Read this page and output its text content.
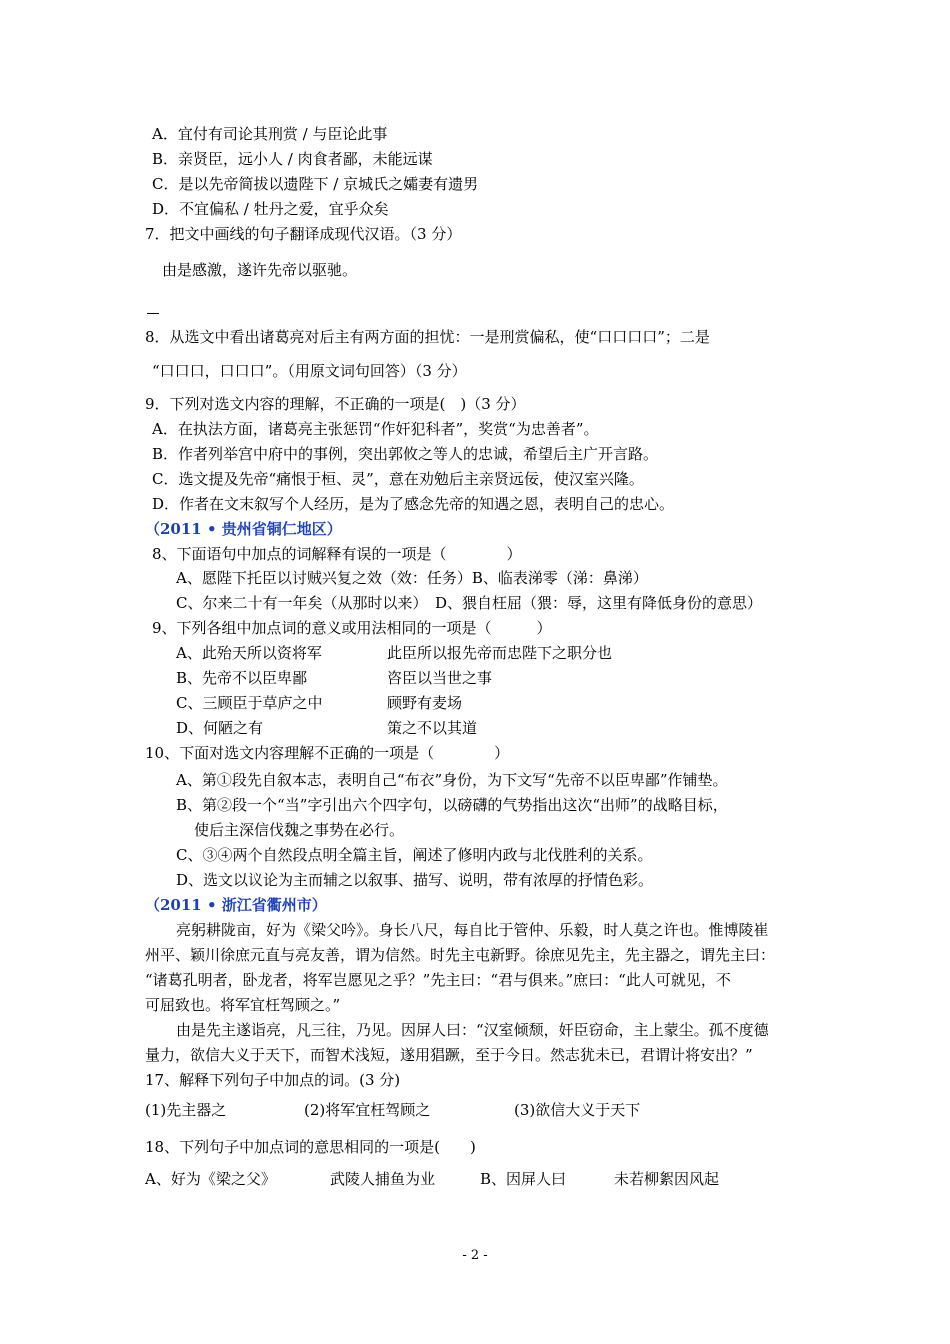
A．宜付有司论其刑赏 / 与臣论此事
B．亲贤臣，远小人 / 肉食者鄙，未能远谋
C．是以先帝简拔以遗陛下 / 京城氏之孀妻有遗男
D．不宜偏私 / 牡丹之爱，宜乎众矣
7．把文中画线的句子翻译成现代汉语。（3 分）
由是感激，遂许先帝以驱驰。
8．从选文中看出诸葛亮对后主有两方面的担忧：一是刑赏偏私，使“口口口口”；二是
“口口口，口口口”。（用原文词句回答）（3 分）
9．下列对选文内容的理解，不正确的一项是(　)（3 分）
A．在执法方面，诸葛亮主张惩罚“作奸犯科者”，奖赏“为忠善者”。
B．作者列举宫中府中的事例，突出郭攸之等人的忠诚，希望后主广开言路。
C．选文提及先帝“痛恨于桓、灵”，意在劝勉后主亲贤远佞，使汉室兴隆。
D．作者在文末叙写个人经历，是为了感念先帝的知遇之恩，表明自己的忠心。
（2011 • 贵州省铜仁地区）
8、下面语句中加点的词解释有误的一项是（　　　　）
A、愿陛下托臣以讨贼兴复之效（效：任务）B、临表涕零（涕：鼻涕）
C、尔来二十有一年矣（从那时以来）　D、猥自枉屈（猥：辱，这里有降低身份的意思）
9、下列各组中加点词的意义或用法相同的一项是（　　　）
A、此殆天所以资将军	此臣所以报先帝而忠陛下之职分也
B、先帝不以臣卑鄙	咨臣以当世之事
C、三顾臣于草庐之中	顾野有麦场
D、何陋之有	策之不以其道
10、下面对选文内容理解不正确的一项是（　　　　）
A、第①段先自叙本志，表明自己“布衣”身份，为下文写“先帝不以臣卑鄙”作铺垫。
B、第②段一个“当”字引出六个四字句，以磅礴的气势指出这次“出师”的战略目标，
使后主深信伐魏之事势在必行。
C、③④两个自然段点明全篇主旨，阐述了修明内政与北伐胜利的关系。
D、选文以议论为主而辅之以叙事、描写、说明，带有浓厚的抒情色彩。
（2011 • 浙江省衢州市）
亮躬耕陇亩，好为《梁父吟》。身长八尺，每自比于管仲、乐毅，时人莫之许也。惟博陵崔
州平、颖川徐庶元直与亮友善，谓为信然。时先主屯新野。徐庶见先主，先主器之，谓先主曰：
“诸葛孔明者，卧龙者，将军岂愿见之乎？”先主曰：“君与俱来。”庶曰：“此人可就见，不
可屈致也。将军宜枉驾顾之。”
由是先主遂诣亮，凡三往，乃见。因屏人曰：“汉室倾颓，奸臣窃命，主上蒙尘。孤不度德
量力，欲信大义于天下，而智术浅短，遂用猖蹶，至于今日。然志犹未已，君谓计将安出？”
17、解释下列句子中加点的词。(3 分)
(1)先主器之	(2)将军宜枉驾顾之	(3)欲信大义于天下
18、下列句子中加点词的意思相同的一项是(　　)
A、好为《梁之父》	武陵人捕鱼为业	B、因屏人曰	未若柳絮因风起
- 2 -
